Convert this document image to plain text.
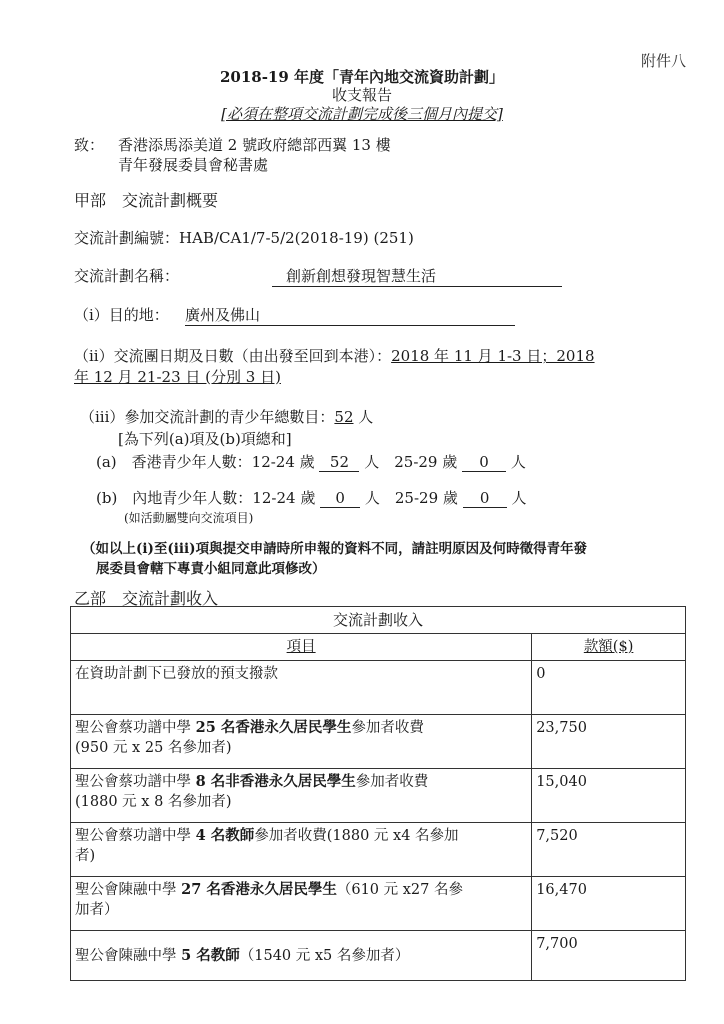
附件八
2018-19 年度「青年內地交流資助計劃」
收支報告
[必須在整項交流計劃完成後三個月內提交]
致： 香港添馬添美道 2 號政府總部西翼 13 樓
青年發展委員會秘書處
甲部　交流計劃概要
交流計劃編號：HAB/CA1/7-5/2(2018-19) (251)
交流計劃名稱：	創新創想發現智慧生活
（i）目的地： 廣州及佛山
（ii）交流團日期及日數（由出發至回到本港）：2018 年 11 月 1-3 日；2018
年 12 月 21-23 日 (分別 3 日)
（iii）參加交流計劃的青少年總數目：52 人
[為下列(a)項及(b)項總和]
(a)　香港青少年人數：12-24 歲 52 人　25-29 歲 0 人
(b)　內地青少年人數：12-24 歲 0 人　25-29 歲 0 人
(如活動屬雙向交流項目)
（如以上(i)至(iii)項與提交申請時所申報的資料不同，請註明原因及何時徵得青年發
展委員會轄下專責小組同意此項修改）
乙部　交流計劃收入
交流計劃收入	
項目	款額($)
在資助計劃下已發放的預支撥款	0
聖公會蔡功譜中學 25 名香港永久居民學生參加者收費
(950 元 x 25 名參加者)	23,750
聖公會蔡功譜中學 8 名非香港永久居民學生參加者收費
(1880 元 x 8 名參加者)	15,040
聖公會蔡功譜中學 4 名教師參加者收費(1880 元 x4 名參加
者)	7,520
聖公會陳融中學 27 名香港永久居民學生（610 元 x27 名參
加者）	16,470
聖公會陳融中學 5 名教師（1540 元 x5 名參加者）	7,700
